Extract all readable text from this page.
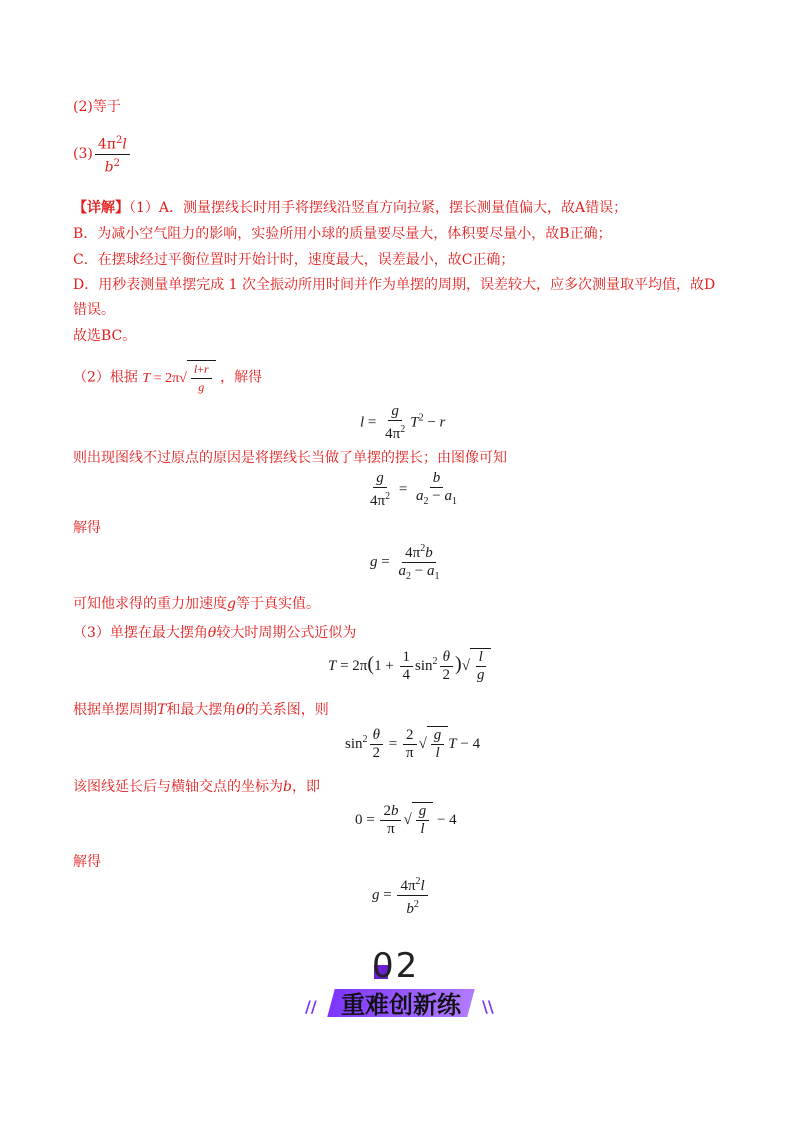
(2)等于
$(3) \frac{4\pi^2l}{b^2}$
【详解】（1）A．测量摆线长时用手将摆线沿竖直方向拉紧，摆长测量值偏大，故A错误；
B．为减小空气阻力的影响，实验所用小球的质量要尽量大，体积要尽量小，故B正确；
C．在摆球经过平衡位置时开始计时，速度最大，误差最小，故C正确；
D．用秒表测量单摆完成 1 次全振动所用时间并作为单摆的周期，误差较大，应多次测量取平均值，故D
错误。
故选BC。
（2）根据 $T = 2\pi√ \frac{l+r}{g}$ ，解得
$l = \frac{g}{4\pi^2} T^2 - r$
则出现图线不过原点的原因是将摆线长当做了单摆的摆长；由图像可知
$\frac{g}{4\pi^2} = \frac{b}{a_2 - a_1}$
解得
$g = \frac{4\pi^2b}{a_2 - a_1}$
可知他求得的重力加速度g等于真实值。
（3）单摆在最大摆角θ较大时周期公式近似为
$T = 2\pi(1 + \frac{1}{4} \sin^2 \frac{\theta}{2}$ )√ $\frac{l}{g}$
根据单摆周期T和最大摆角θ的关系图，则
$\sin^2 \frac{\theta}{2} = \frac{2}{\pi}$ √ $\frac{g}{l}$ T − 4
该图线延长后与横轴交点的坐标为b，即
$0 = \frac{2b}{\pi}$ √ $\frac{g}{l} - 4$
解得
$g = \frac{4\pi^2l}{b^2}$
02
重难创新练
//	\\
